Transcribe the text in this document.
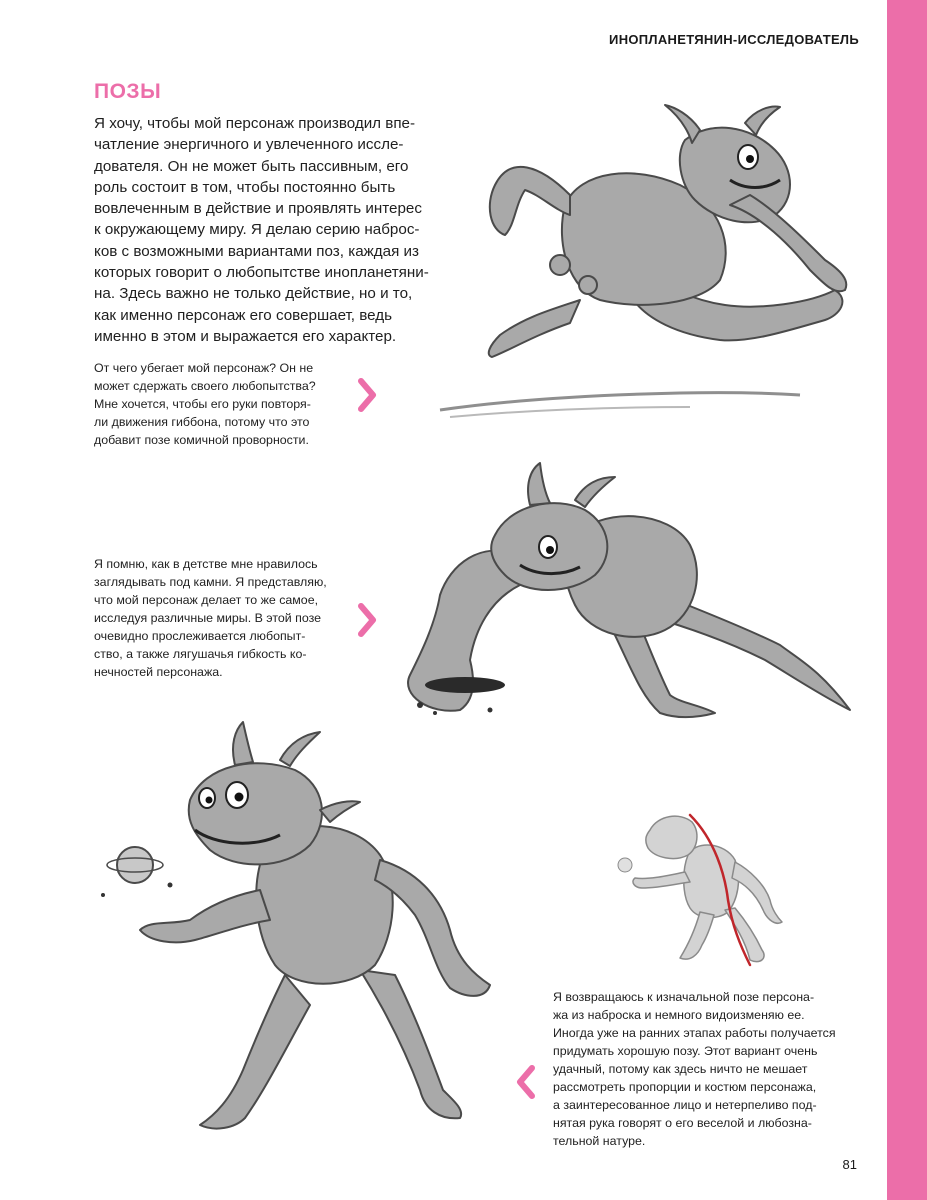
ИНОПЛАНЕТЯНИН-ИССЛЕДОВАТЕЛЬ
ПОЗЫ

Я хочу, чтобы мой персонаж производил впе-
чатление энергичного и увлеченного иссле-
дователя. Он не может быть пассивным, его
роль состоит в том, чтобы постоянно быть
вовлеченным в действие и проявлять интерес
к окружающему миру. Я делаю серию наброс-
ков с возможными вариантами поз, каждая из
которых говорит о любопытстве инопланетяни-
на. Здесь важно не только действие, но и то,
как именно персонаж его совершает, ведь
именно в этом и выражается его характер.

От чего убегает мой персонаж? Он не
может сдержать своего любопытства?
Мне хочется, чтобы его руки повторя-
ли движения гиббона, потому что это
добавит позе комичной проворности.

Я помню, как в детстве мне нравилось
заглядывать под камни. Я представляю,
что мой персонаж делает то же самое,
исследуя различные миры. В этой позе
очевидно прослеживается любопыт-
ство, а также лягушачья гибкость ко-
нечностей персонажа.

Я возвращаюсь к изначальной позе персона-
жа из наброска и немного видоизменяю ее.
Иногда уже на ранних этапах работы получается
придумать хорошую позу. Этот вариант очень
удачный, потому как здесь ничто не мешает
рассмотреть пропорции и костюм персонажа,
а заинтересованное лицо и нетерпеливо под-
нятая рука говорят о его веселой и любозна-
тельной натуре.

81
